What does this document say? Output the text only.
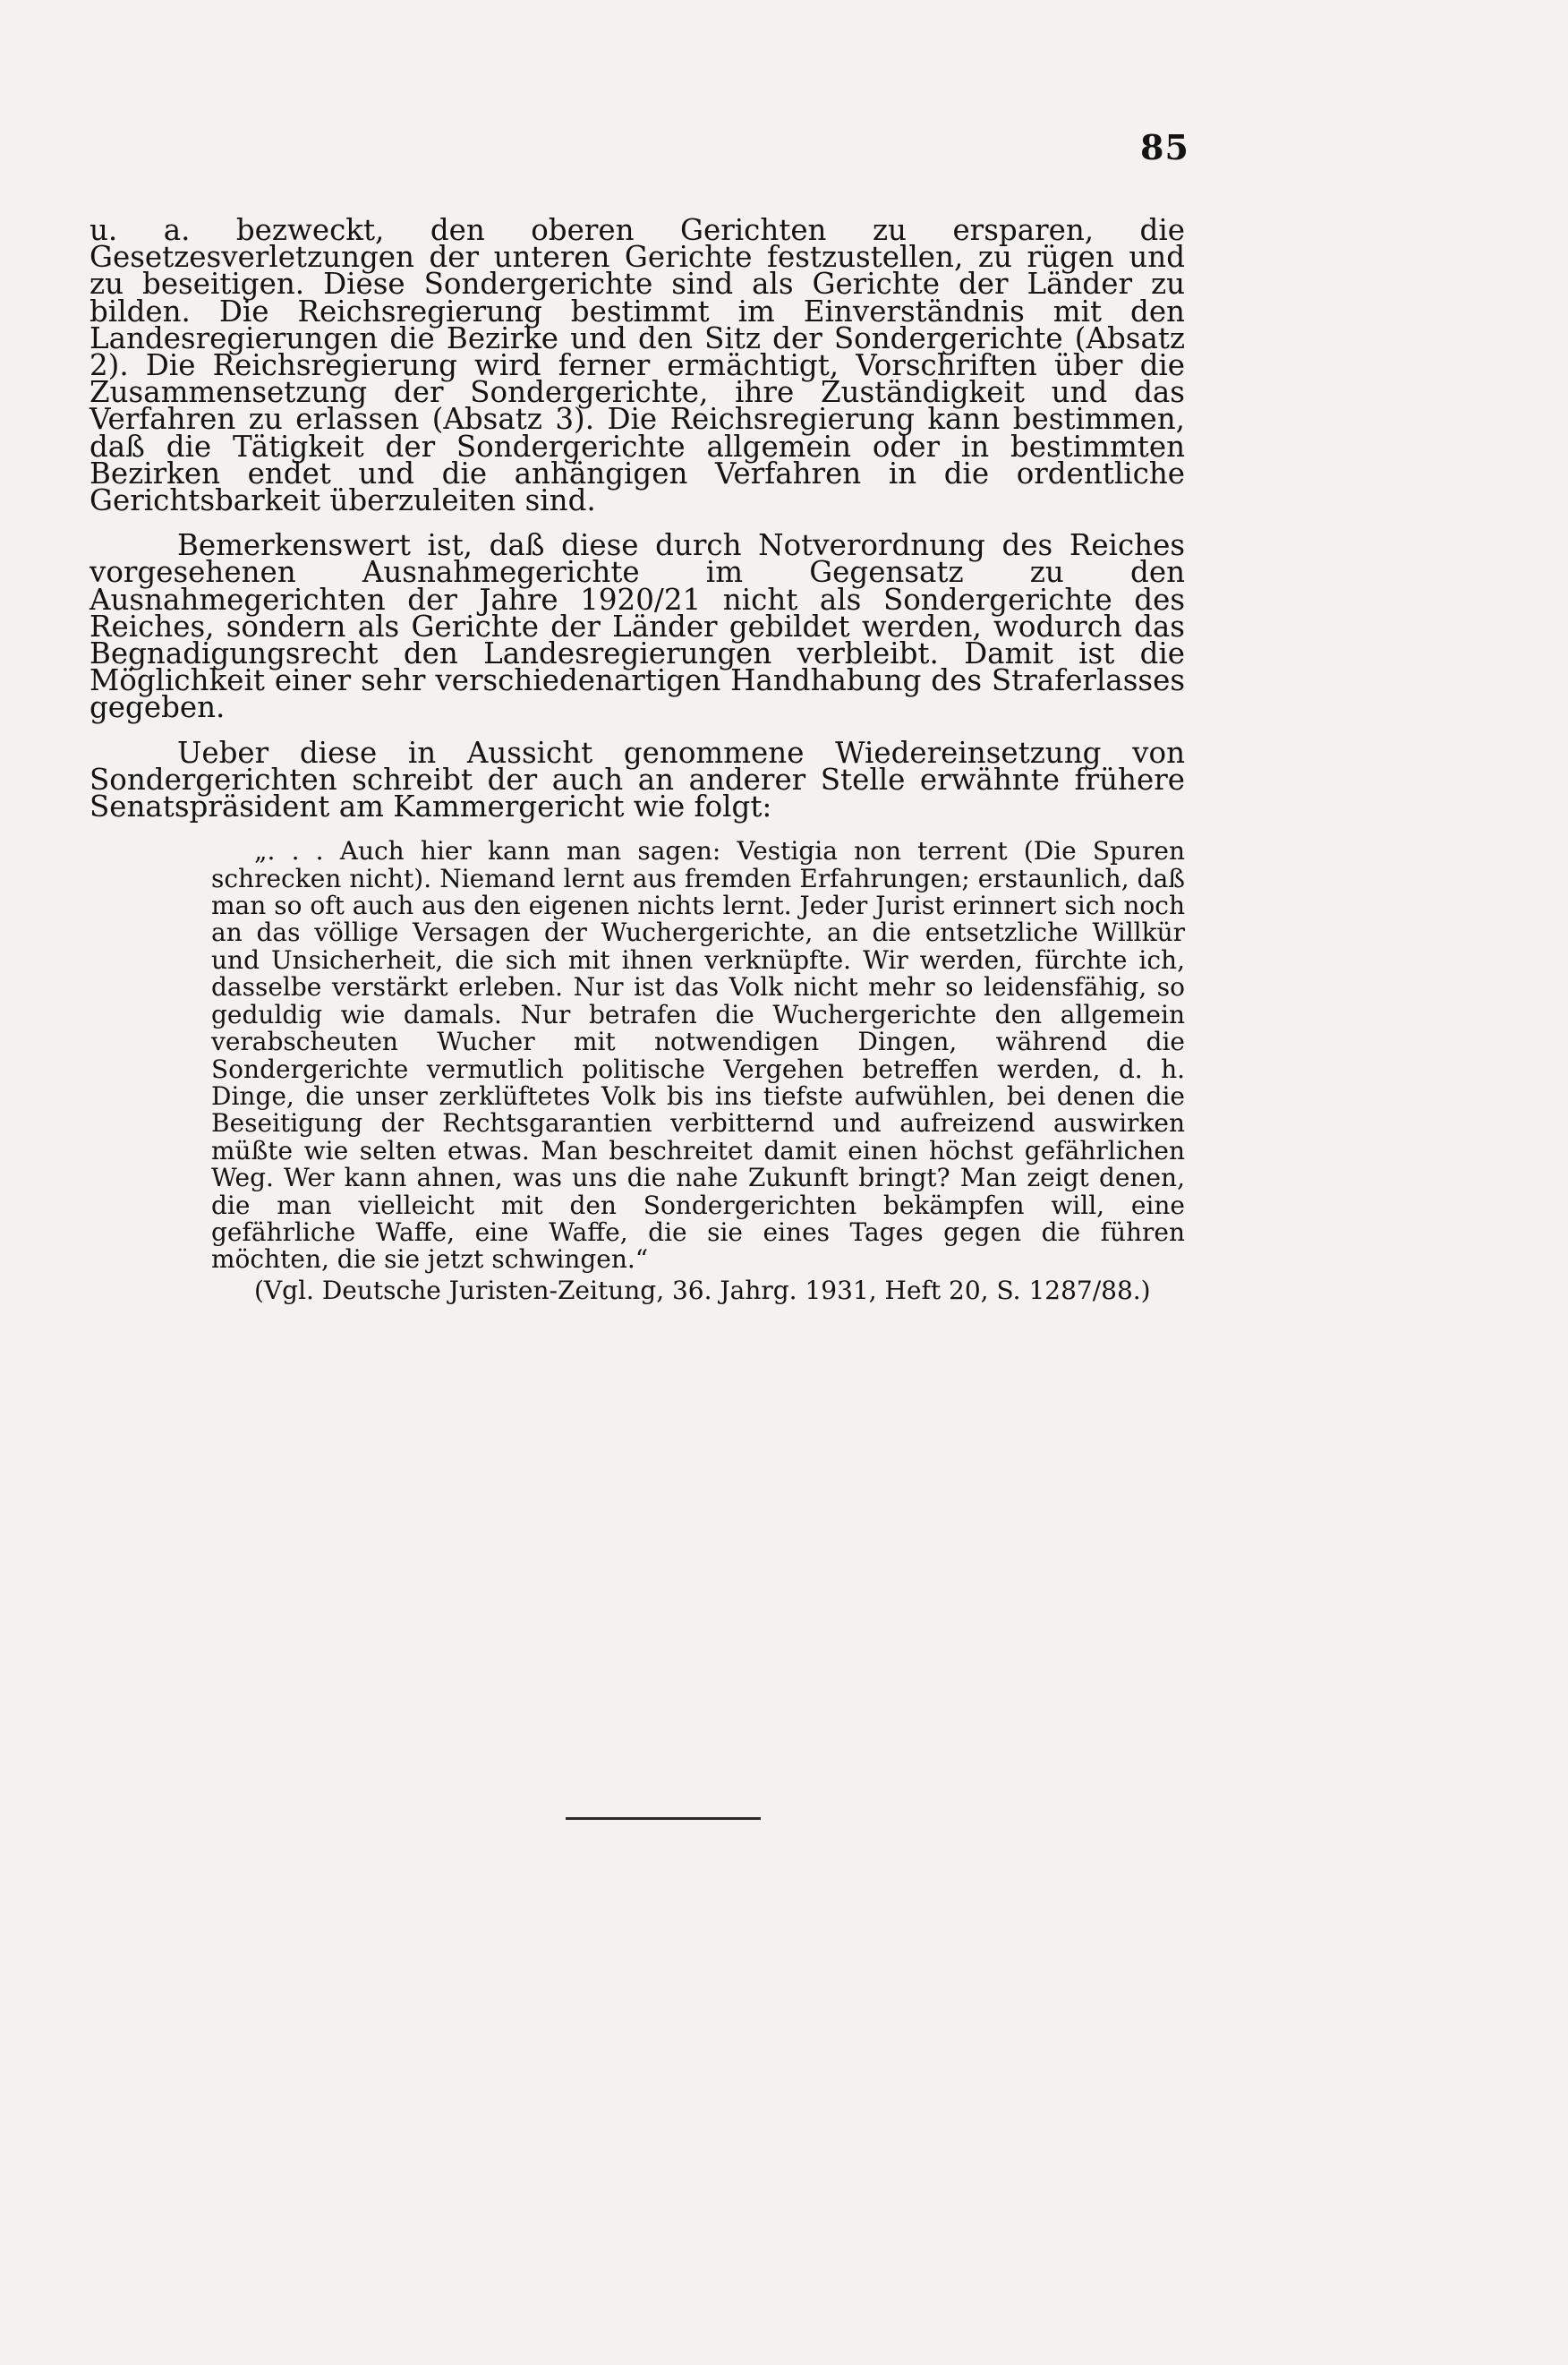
85

u. a. bezweckt, den oberen Gerichten zu ersparen, die Gesetzesverletzungen der unteren Gerichte festzustellen, zu rügen und zu beseitigen. Diese Sondergerichte sind als Gerichte der Länder zu bilden. Die Reichsregierung bestimmt im Einverständnis mit den Landesregierungen die Bezirke und den Sitz der Sondergerichte (Absatz 2). Die Reichsregierung wird ferner ermächtigt, Vorschriften über die Zusammensetzung der Sondergerichte, ihre Zuständigkeit und das Verfahren zu erlassen (Absatz 3). Die Reichsregierung kann bestimmen, daß die Tätigkeit der Sondergerichte allgemein oder in bestimmten Bezirken endet und die anhängigen Verfahren in die ordentliche Gerichtsbarkeit überzuleiten sind.

Bemerkenswert ist, daß diese durch Notverordnung des Reiches vorgesehenen Ausnahmegerichte im Gegensatz zu den Ausnahmegerichten der Jahre 1920/21 nicht als Sondergerichte des Reiches, sondern als Gerichte der Länder gebildet werden, wodurch das Begnadigungsrecht den Landesregierungen verbleibt. Damit ist die Möglichkeit einer sehr verschiedenartigen Handhabung des Straferlasses gegeben.

Ueber diese in Aussicht genommene Wiedereinsetzung von Sondergerichten schreibt der auch an anderer Stelle erwähnte frühere Senatspräsident am Kammergericht wie folgt:

„. . . Auch hier kann man sagen: Vestigia non terrent (Die Spuren schrecken nicht). Niemand lernt aus fremden Erfahrungen; erstaunlich, daß man so oft auch aus den eigenen nichts lernt. Jeder Jurist erinnert sich noch an das völlige Versagen der Wuchergerichte, an die entsetzliche Willkür und Unsicherheit, die sich mit ihnen verknüpfte. Wir werden, fürchte ich, dasselbe verstärkt erleben. Nur ist das Volk nicht mehr so leidensfähig, so geduldig wie damals. Nur betrafen die Wuchergerichte den allgemein verabscheuten Wucher mit notwendigen Dingen, während die Sondergerichte vermutlich politische Vergehen betreffen werden, d. h. Dinge, die unser zerklüftetes Volk bis ins tiefste aufwühlen, bei denen die Beseitigung der Rechtsgarantien verbitternd und aufreizend auswirken müßte wie selten etwas. Man beschreitet damit einen höchst gefährlichen Weg. Wer kann ahnen, was uns die nahe Zukunft bringt? Man zeigt denen, die man vielleicht mit den Sondergerichten bekämpfen will, eine gefährliche Waffe, eine Waffe, die sie eines Tages gegen die führen möchten, die sie jetzt schwingen.“

(Vgl. Deutsche Juristen-Zeitung, 36. Jahrg. 1931, Heft 20, S. 1287/88.)
